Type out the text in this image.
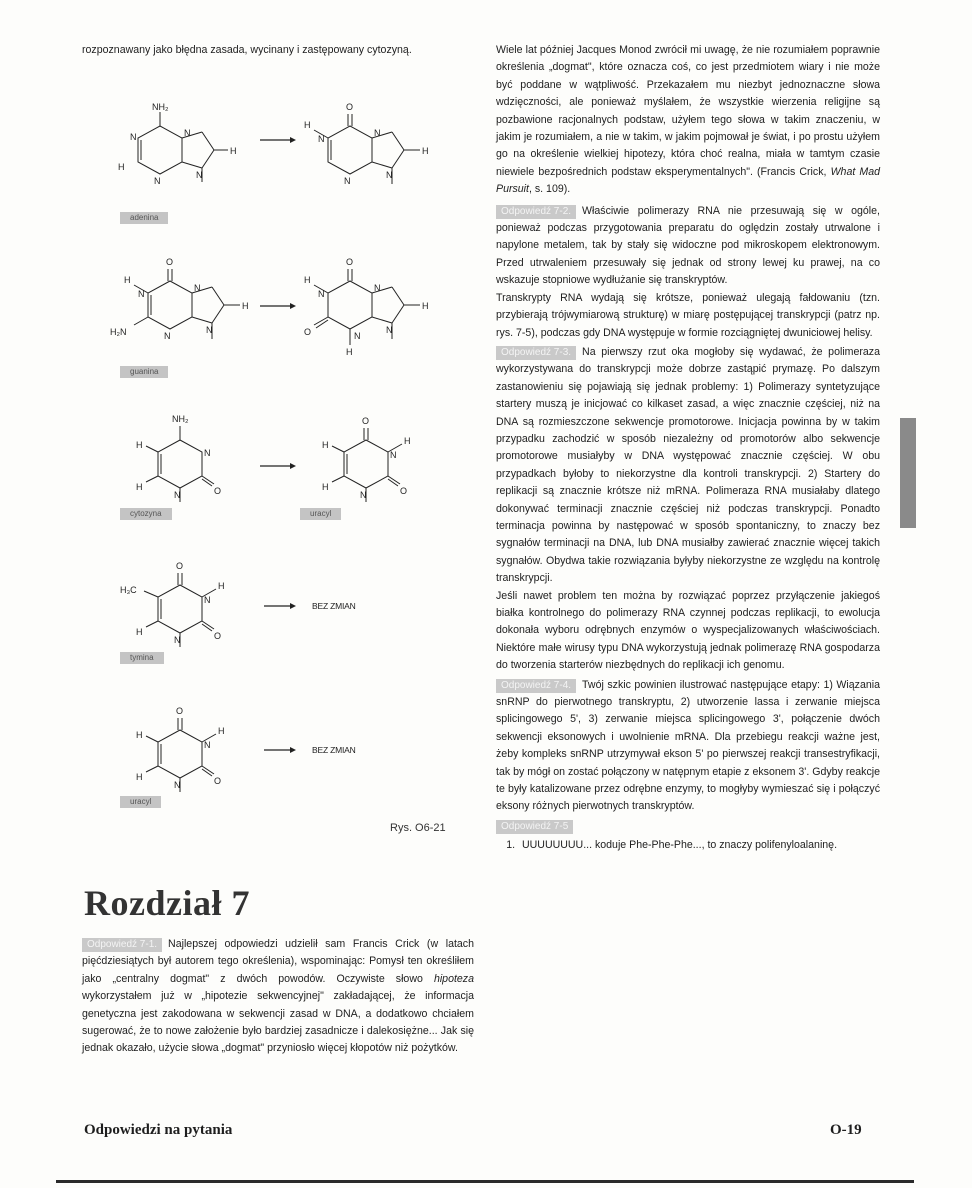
rozpoznawany jako błędna zasada, wycinany i zastępowany cytozyną.

NH₂
N	N
H
H
N
N
adenina
O
H
N
N
H
N
N
O
H
N
N
H
H₂N	N
N
guanina
O
H
N
N
H
O	N
H
N
NH₂
H
N
H	O
N
cytozyna
O
H
N
H
H	O
N
uracyl
O
H₃C
N
H
H	O
N
tymina
BEZ ZMIAN
O
H
N
H
H	O
N
uracyl
BEZ ZMIAN
Rys. O6-21
Rozdział 7

Odpowiedź 7-1. Najlepszej odpowiedzi udzielił sam Francis Crick (w latach pięćdziesiątych był autorem tego określenia), wspominając: Pomysł ten określiłem jako „centralny dogmat" z dwóch powodów. Oczywiste słowo hipoteza wykorzystałem już w „hipotezie sekwencyjnej" zakładającej, że informacja genetyczna jest zakodowana w sekwencji zasad w DNA, a dodatkowo chciałem sugerować, że to nowe założenie było bardziej zasadnicze i dalekosiężne... Jak się jednak okazało, użycie słowa „dogmat" przyniosło więcej kłopotów niż pożytków.

Wiele lat później Jacques Monod zwrócił mi uwagę, że nie rozumiałem poprawnie określenia „dogmat", które oznacza coś, co jest przedmiotem wiary i nie może być poddane w wątpliwość. Przekazałem mu niezbyt jednoznaczne słowa wdzięczności, ale ponieważ myślałem, że wszystkie wierzenia religijne są pozbawione racjonalnych podstaw, użyłem tego słowa w takim znaczeniu, w jakim je rozumiałem, a nie w takim, w jakim pojmował je świat, i po prostu użyłem go na określenie wielkiej hipotezy, która choć realna, miała w tamtym czasie niewiele bezpośrednich podstaw eksperymentalnych". (Francis Crick, What Mad Pursuit, s. 109).

Odpowiedź 7-2. Właściwie polimerazy RNA nie przesuwają się w ogóle, ponieważ podczas przygotowania preparatu do oględzin zostały utrwalone i napylone metalem, tak by stały się widoczne pod mikroskopem elektronowym. Przed utrwaleniem przesuwały się jednak od strony lewej ku prawej, na co wskazuje stopniowe wydłużanie się transkryptów.

Transkrypty RNA wydają się krótsze, ponieważ ulegają fałdowaniu (tzn. przybierają trójwymiarową strukturę) w miarę postępującej transkrypcji (patrz np. rys. 7-5), podczas gdy DNA występuje w formie rozciągniętej dwuniciowej helisy.

Odpowiedź 7-3. Na pierwszy rzut oka mogłoby się wydawać, że polimeraza wykorzystywana do transkrypcji może dobrze zastąpić prymazę. Po dalszym zastanowieniu się pojawiają się jednak problemy: 1) Polimerazy syntetyzujące startery muszą je inicjować co kilkaset zasad, a więc znacznie częściej, niż na DNA są rozmieszczone sekwencje promotorowe. Inicjacja powinna by w takim przypadku zachodzić w sposób niezależny od promotorów albo sekwencje promotorowe musiałyby w DNA występować znacznie częściej. W obu przypadkach byłoby to niekorzystne dla kontroli transkrypcji. 2) Startery do replikacji są znacznie krótsze niż mRNA. Polimeraza RNA musiałaby dlatego dokonywać terminacji znacznie częściej niż podczas transkrypcji. Ponadto terminacja powinna by następować w sposób spontaniczny, to znaczy bez sygnałów terminacji na DNA, lub DNA musiałby zawierać znacznie więcej takich sygnałów. Obydwa takie rozwiązania byłyby niekorzystne ze względu na kontrolę transkrypcji.

Jeśli nawet problem ten można by rozwiązać poprzez przyłączenie jakiegoś białka kontrolnego do polimerazy RNA czynnej podczas replikacji, to ewolucja dokonała wyboru odrębnych enzymów o wyspecjalizowanych właściwościach. Niektóre małe wirusy typu DNA wykorzystują jednak polimerazę RNA gospodarza do tworzenia starterów niezbędnych do replikacji ich genomu.

Odpowiedź 7-4. Twój szkic powinien ilustrować następujące etapy: 1) Wiązania snRNP do pierwotnego transkryptu, 2) utworzenie lassa i zerwanie miejsca splicingowego 5', 3) zerwanie miejsca splicingowego 3', połączenie dwóch sekwencji eksonowych i uwolnienie mRNA. Dla przebiegu reakcji ważne jest, żeby kompleks snRNP utrzymywał ekson 5' po pierwszej reakcji transestryfikacji, tak by mógł on zostać połączony w natępnym etapie z eksonem 3'. Gdyby reakcje te były katalizowane przez odrębne enzymy, to mogłyby wymieszać się i połączyć eksony różnych pierwotnych transkryptów.

Odpowiedź 7-5

1. UUUUUUUU... koduje Phe-Phe-Phe..., to znaczy polifenyloalaninę.
Odpowiedzi na pytania	O-19
